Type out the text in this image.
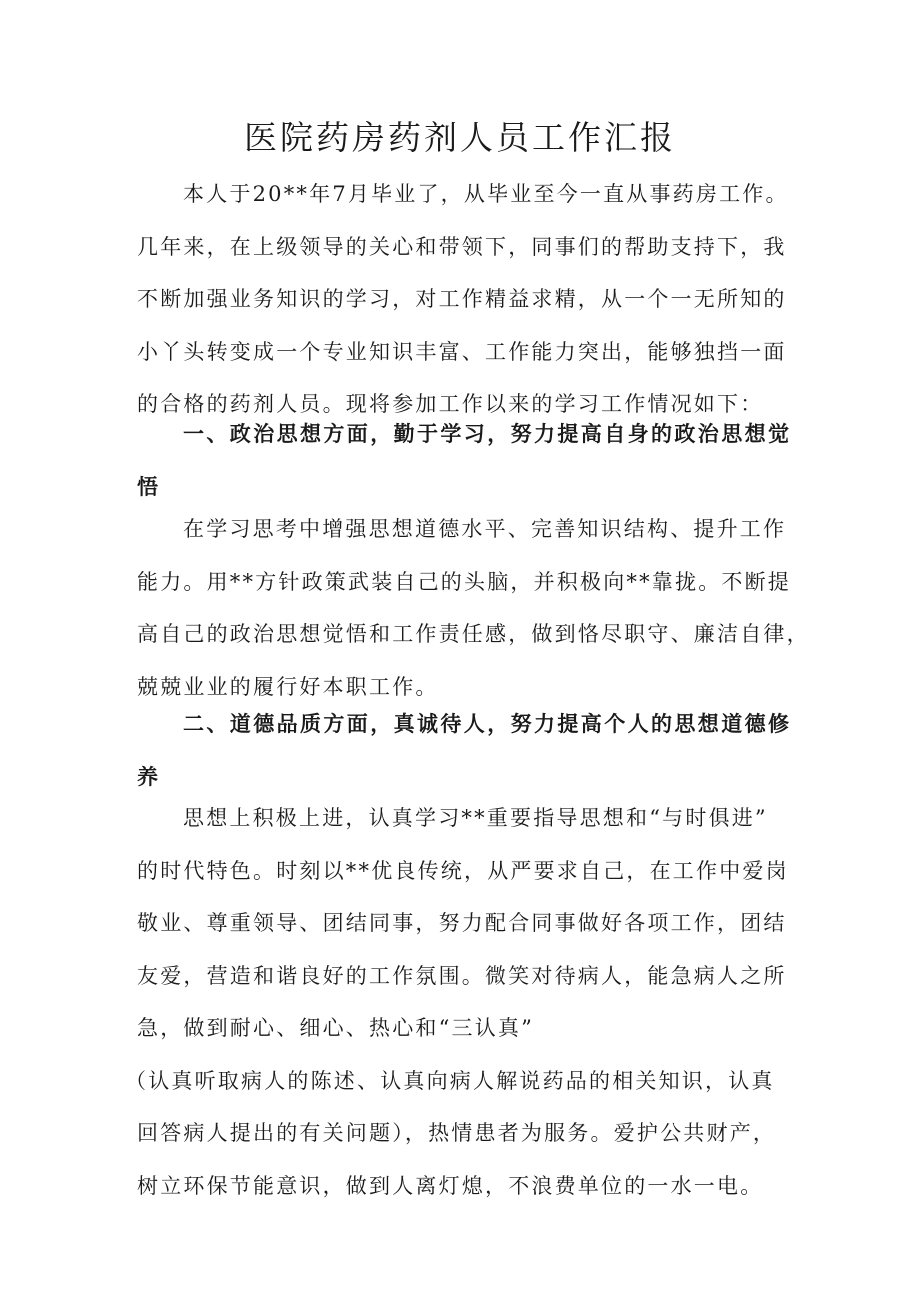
医院药房药剂人员工作汇报
本人于20**年7月毕业了，从毕业至今一直从事药房工作。
几年来，在上级领导的关心和带领下，同事们的帮助支持下，我
不断加强业务知识的学习，对工作精益求精，从一个一无所知的
小丫头转变成一个专业知识丰富、工作能力突出，能够独挡一面
的合格的药剂人员。现将参加工作以来的学习工作情况如下：
一、政治思想方面，勤于学习，努力提高自身的政治思想觉
悟
在学习思考中增强思想道德水平、完善知识结构、提升工作
能力。用**方针政策武装自己的头脑，并积极向**靠拢。不断提
高自己的政治思想觉悟和工作责任感，做到恪尽职守、廉洁自律，
兢兢业业的履行好本职工作。
二、道德品质方面，真诚待人，努力提高个人的思想道德修
养
思想上积极上进，认真学习**重要指导思想和“与时俱进”
的时代特色。时刻以**优良传统，从严要求自己，在工作中爱岗
敬业、尊重领导、团结同事，努力配合同事做好各项工作，团结
友爱，营造和谐良好的工作氛围。微笑对待病人，能急病人之所
急，做到耐心、细心、热心和“三认真”
（认真听取病人的陈述、认真向病人解说药品的相关知识，认真
回答病人提出的有关问题），热情患者为服务。爱护公共财产，
树立环保节能意识，做到人离灯熄，不浪费单位的一水一电。
